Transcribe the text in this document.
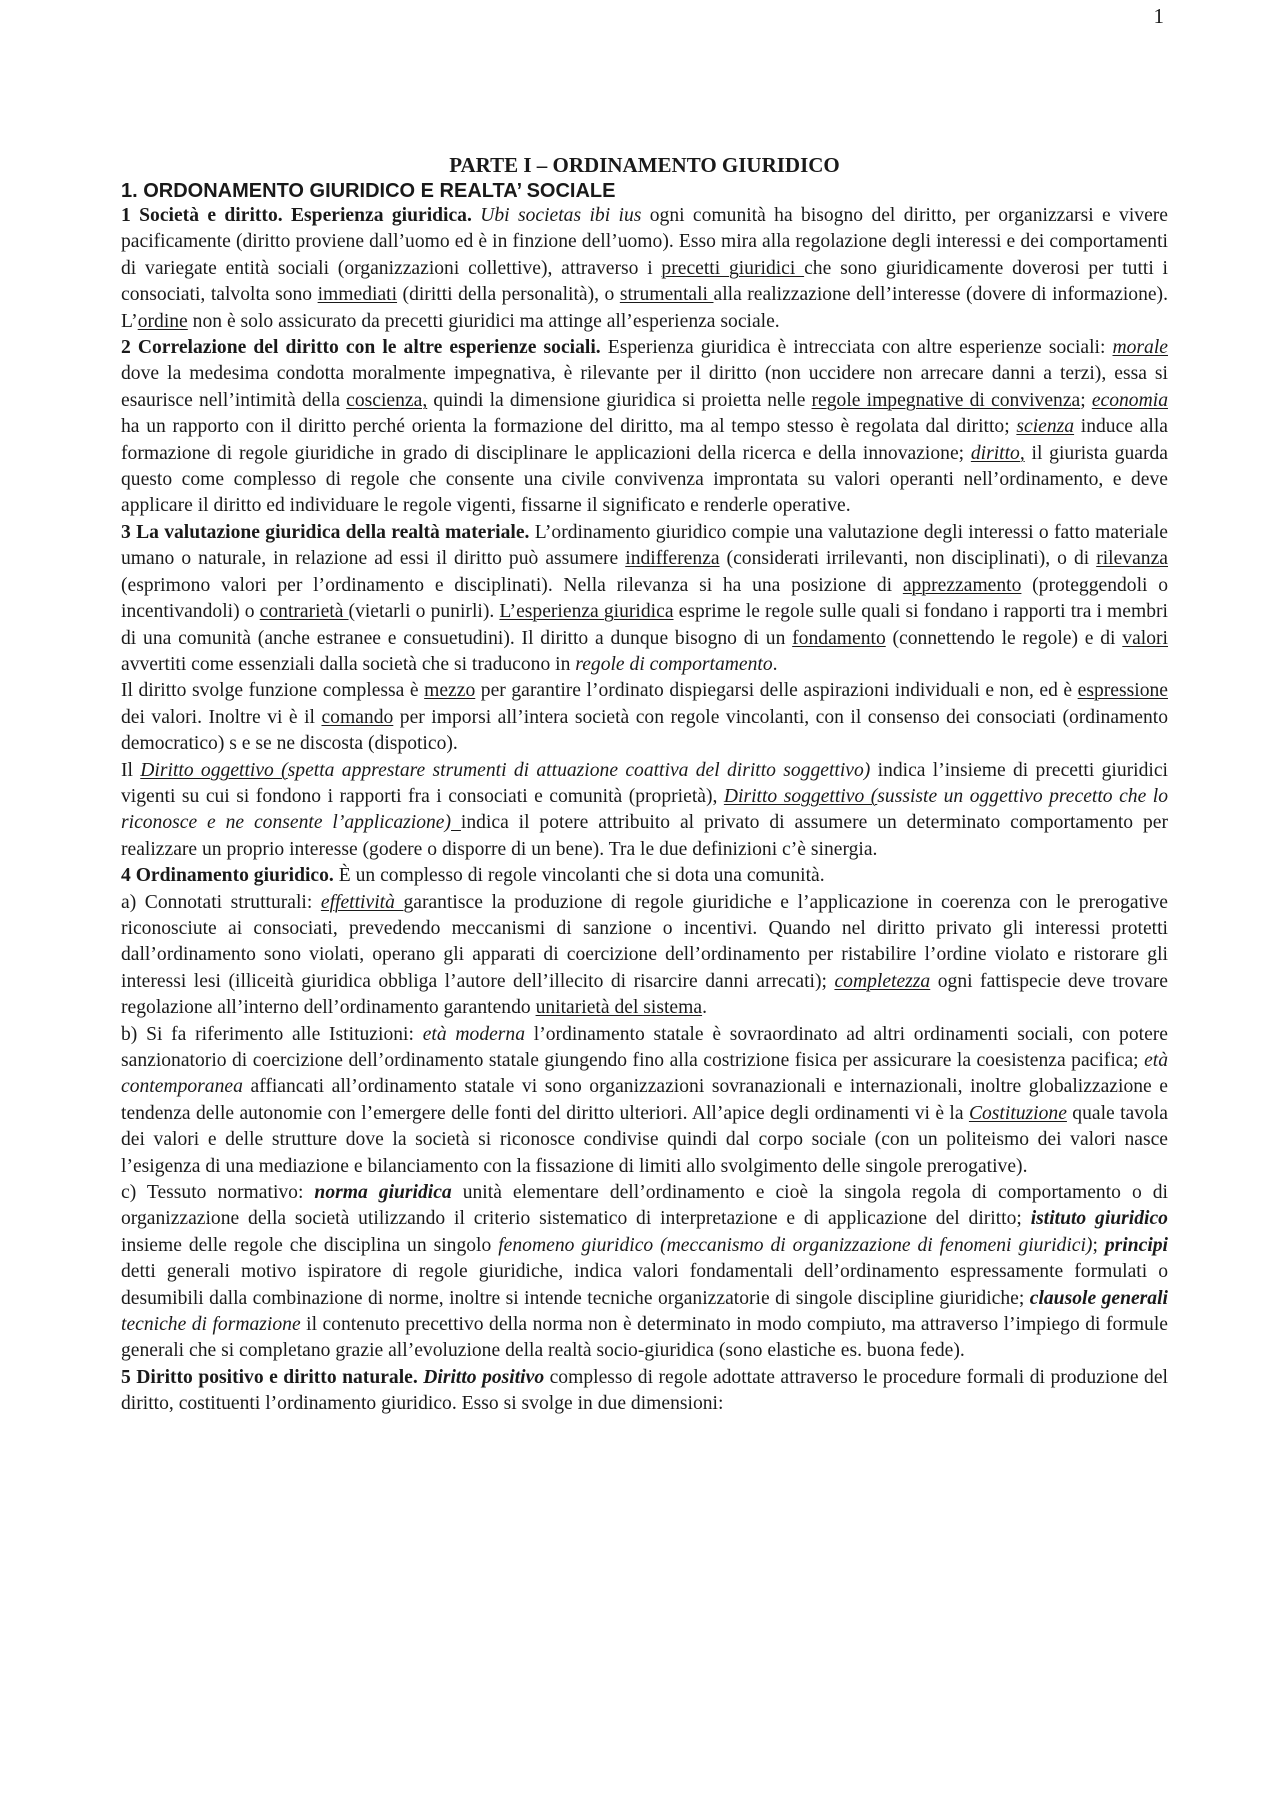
1
PARTE I – ORDINAMENTO GIURIDICO
1. ORDONAMENTO GIURIDICO E REALTA’ SOCIALE

1 Società e diritto. Esperienza giuridica. Ubi societas ibi ius ogni comunità ha bisogno del diritto, per organizzarsi e vivere pacificamente (diritto proviene dall’uomo ed è in finzione dell’uomo). Esso mira alla regolazione degli interessi e dei comportamenti di variegate entità sociali (organizzazioni collettive), attraverso i precetti giuridici che sono giuridicamente doverosi per tutti i consociati, talvolta sono immediati (diritti della personalità), o strumentali alla realizzazione dell’interesse (dovere di informazione). L’ordine non è solo assicurato da precetti giuridici ma attinge all’esperienza sociale.

2 Correlazione del diritto con le altre esperienze sociali. Esperienza giuridica è intrecciata con altre esperienze sociali: morale dove la medesima condotta moralmente impegnativa, è rilevante per il diritto (non uccidere non arrecare danni a terzi), essa si esaurisce nell’intimità della coscienza, quindi la dimensione giuridica si proietta nelle regole impegnative di convivenza; economia ha un rapporto con il diritto perché orienta la formazione del diritto, ma al tempo stesso è regolata dal diritto; scienza induce alla formazione di regole giuridiche in grado di disciplinare le applicazioni della ricerca e della innovazione; diritto, il giurista guarda questo come complesso di regole che consente una civile convivenza improntata su valori operanti nell’ordinamento, e deve applicare il diritto ed individuare le regole vigenti, fissarne il significato e renderle operative.

3 La valutazione giuridica della realtà materiale. L’ordinamento giuridico compie una valutazione degli interessi o fatto materiale umano o naturale, in relazione ad essi il diritto può assumere indifferenza (considerati irrilevanti, non disciplinati), o di rilevanza (esprimono valori per l’ordinamento e disciplinati). Nella rilevanza si ha una posizione di apprezzamento (proteggendoli o incentivandoli) o contrarietà (vietarli o punirli). L’esperienza giuridica esprime le regole sulle quali si fondano i rapporti tra i membri di una comunità (anche estranee e consuetudini). Il diritto a dunque bisogno di un fondamento (connettendo le regole) e di valori avvertiti come essenziali dalla società che si traducono in regole di comportamento.

Il diritto svolge funzione complessa è mezzo per garantire l’ordinato dispiegarsi delle aspirazioni individuali e non, ed è espressione dei valori. Inoltre vi è il comando per imporsi all’intera società con regole vincolanti, con il consenso dei consociati (ordinamento democratico) s e se ne discosta (dispotico).

Il Diritto oggettivo (spetta apprestare strumenti di attuazione coattiva del diritto soggettivo) indica l’insieme di precetti giuridici vigenti su cui si fondono i rapporti fra i consociati e comunità (proprietà), Diritto soggettivo (sussiste un oggettivo precetto che lo riconosce e ne consente l’applicazione) indica il potere attribuito al privato di assumere un determinato comportamento per realizzare un proprio interesse (godere o disporre di un bene). Tra le due definizioni c’è sinergia.

4 Ordinamento giuridico. È un complesso di regole vincolanti che si dota una comunità.

a) Connotati strutturali: effettività garantisce la produzione di regole giuridiche e l’applicazione in coerenza con le prerogative riconosciute ai consociati, prevedendo meccanismi di sanzione o incentivi. Quando nel diritto privato gli interessi protetti dall’ordinamento sono violati, operano gli apparati di coercizione dell’ordinamento per ristabilire l’ordine violato e ristorare gli interessi lesi (illiceità giuridica obbliga l’autore dell’illecito di risarcire danni arrecati); completezza ogni fattispecie deve trovare regolazione all’interno dell’ordinamento garantendo unitarietà del sistema.

b) Si fa riferimento alle Istituzioni: età moderna l’ordinamento statale è sovraordinato ad altri ordinamenti sociali, con potere sanzionatorio di coercizione dell’ordinamento statale giungendo fino alla costrizione fisica per assicurare la coesistenza pacifica; età contemporanea affiancati all’ordinamento statale vi sono organizzazioni sovranazionali e internazionali, inoltre globalizzazione e tendenza delle autonomie con l’emergere delle fonti del diritto ulteriori. All’apice degli ordinamenti vi è la Costituzione quale tavola dei valori e delle strutture dove la società si riconosce condivise quindi dal corpo sociale (con un politeismo dei valori nasce l’esigenza di una mediazione e bilanciamento con la fissazione di limiti allo svolgimento delle singole prerogative).

c) Tessuto normativo: norma giuridica unità elementare dell’ordinamento e cioè la singola regola di comportamento o di organizzazione della società utilizzando il criterio sistematico di interpretazione e di applicazione del diritto; istituto giuridico insieme delle regole che disciplina un singolo fenomeno giuridico (meccanismo di organizzazione di fenomeni giuridici); principi detti generali motivo ispiratore di regole giuridiche, indica valori fondamentali dell’ordinamento espressamente formulati o desumibili dalla combinazione di norme, inoltre si intende tecniche organizzatorie di singole discipline giuridiche; clausole generali tecniche di formazione il contenuto precettivo della norma non è determinato in modo compiuto, ma attraverso l’impiego di formule generali che si completano grazie all’evoluzione della realtà socio-giuridica (sono elastiche es. buona fede).

5 Diritto positivo e diritto naturale. Diritto positivo complesso di regole adottate attraverso le procedure formali di produzione del diritto, costituenti l’ordinamento giuridico. Esso si svolge in due dimensioni:
